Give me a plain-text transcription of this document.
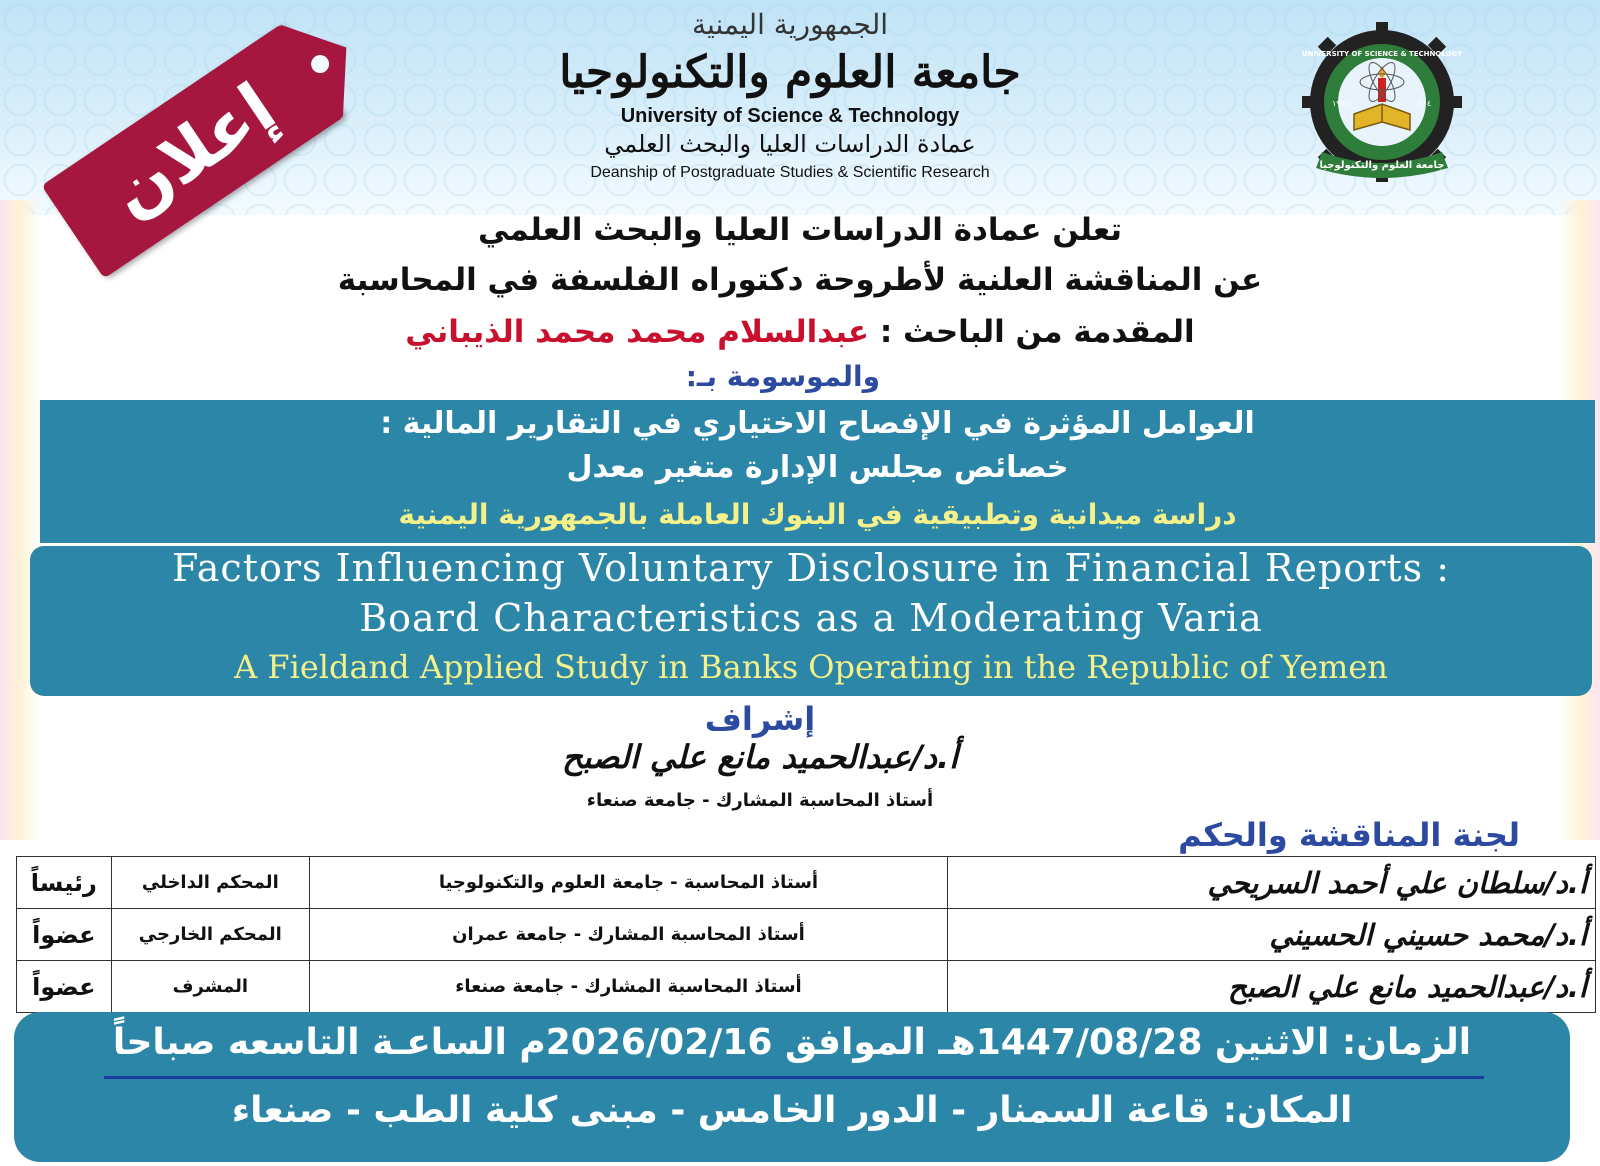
إعلان
الجمهورية اليمنية
جامعة العلوم والتكنولوجيا
University of Science & Technology
عمادة الدراسات العليا والبحث العلمي
Deanship of Postgraduate Studies & Scientific Research
١٩٩٤	١٤١٤
جامعة العلوم والتكنولوجيا
UNIVERSITY OF SCIENCE & TECHNOLOGY
تعلن عمادة الدراسات العليا والبحث العلمي
عن المناقشة العلنية لأطروحة دكتوراه الفلسفة في المحاسبة
المقدمة من الباحث : عبدالسلام محمد محمد الذيباني
والموسومة بـ:
العوامل المؤثرة في الإفصاح الاختياري في التقارير المالية :
خصائص مجلس الإدارة متغير معدل
دراسة ميدانية وتطبيقية في البنوك العاملة بالجمهورية اليمنية
Factors Influencing Voluntary Disclosure in Financial Reports :
Board Characteristics as a Moderating Varia
A Fieldand Applied Study in Banks Operating in the Republic of Yemen
إشراف
أ.د/عبدالحميد مانع علي الصبح
أستاذ المحاسبة المشارك - جامعة صنعاء
لجنة المناقشة والحكم
أ.د/سلطان علي أحمد السريحي	أستاذ المحاسبة - جامعة العلوم والتكنولوجيا	المحكم الداخلي	رئيساً
أ.د/محمد حسيني الحسيني	أستاذ المحاسبة المشارك - جامعة عمران	المحكم الخارجي	عضواً
أ.د/عبدالحميد مانع علي الصبح	أستاذ المحاسبة المشارك - جامعة صنعاء	المشرف	عضواً
الزمان: الاثنين 1447/08/28هـ الموافق 2026/02/16م الساعـة التاسعه صباحاً
المكان: قاعة السمنار - الدور الخامس - مبنى كلية الطب - صنعاء
